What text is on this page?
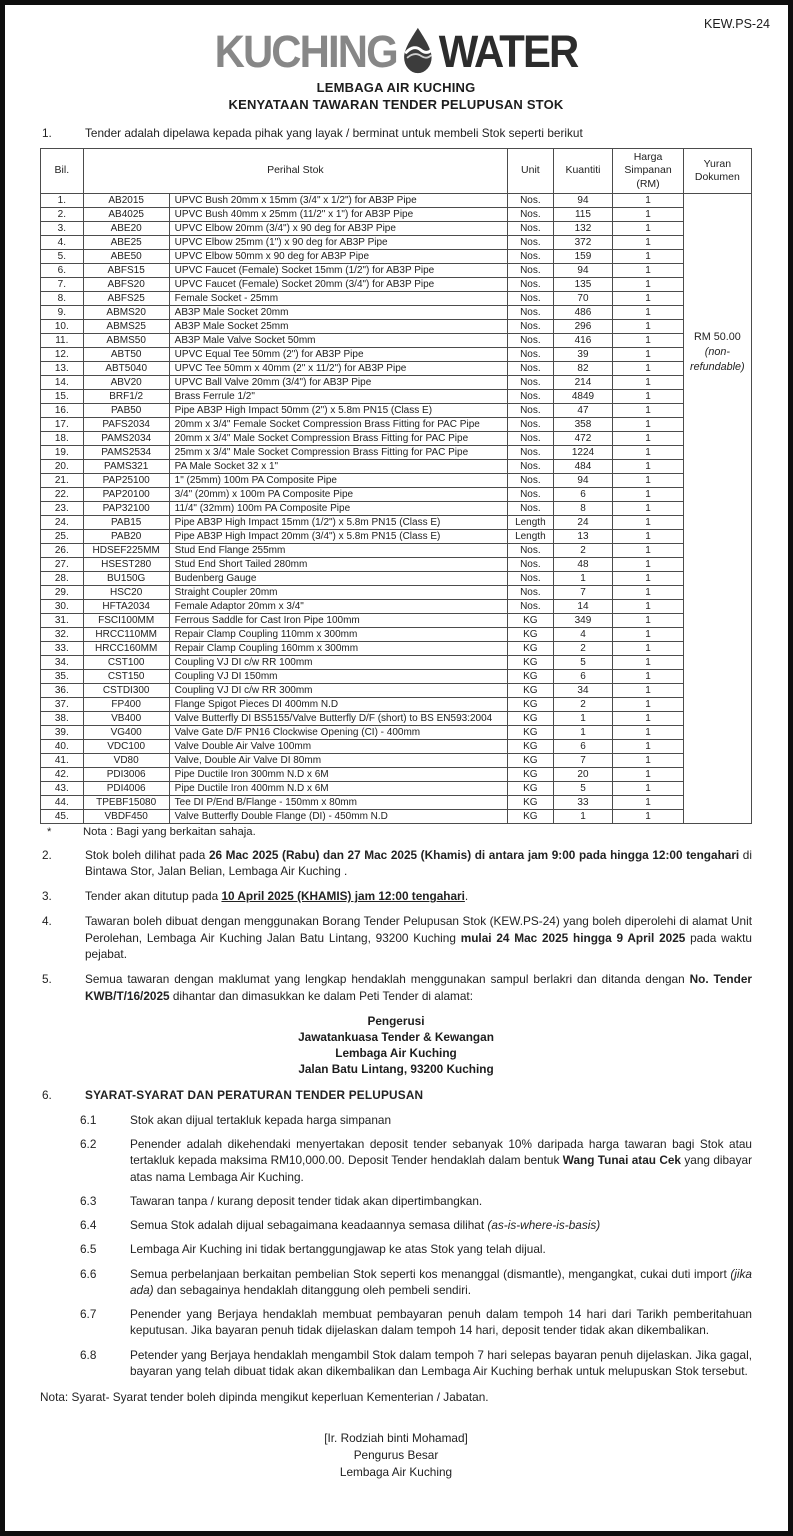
KEW.PS-24
KUCHING WATER
LEMBAGA AIR KUCHING
KENYATAAN TAWARAN TENDER PELUPUSAN STOK
1.	Tender adalah dipelawa kepada pihak yang layak / berminat untuk membeli Stok seperti berikut
Bil.	Perihal Stok		Unit	Kuantiti	Harga Simpanan (RM)	Yuran Dokumen
1.	AB2015	UPVC Bush 20mm x 15mm (3/4" x 1/2") for AB3P Pipe	Nos.	94	1	RM 50.00
(non-refundable)

2.	AB4025	UPVC Bush 40mm x 25mm (11/2" x 1") for AB3P Pipe	Nos.	115	1	
3.	ABE20	UPVC Elbow 20mm (3/4") x 90 deg for AB3P Pipe	Nos.	132	1	
4.	ABE25	UPVC Elbow 25mm (1") x 90 deg for AB3P Pipe	Nos.	372	1	
5.	ABE50	UPVC Elbow 50mm x 90 deg for AB3P Pipe	Nos.	159	1	
6.	ABFS15	UPVC Faucet (Female) Socket 15mm (1/2") for AB3P Pipe	Nos.	94	1	
7.	ABFS20	UPVC Faucet (Female) Socket 20mm (3/4") for AB3P Pipe	Nos.	135	1	
8.	ABFS25	Female Socket - 25mm	Nos.	70	1	
9.	ABMS20	AB3P Male Socket 20mm	Nos.	486	1	
10.	ABMS25	AB3P Male Socket 25mm	Nos.	296	1	
11.	ABMS50	AB3P Male Valve Socket 50mm	Nos.	416	1	
12.	ABT50	UPVC Equal Tee 50mm (2") for AB3P Pipe	Nos.	39	1	
13.	ABT5040	UPVC Tee 50mm x 40mm (2" x 11/2") for AB3P Pipe	Nos.	82	1	
14.	ABV20	UPVC Ball Valve 20mm (3/4") for AB3P Pipe	Nos.	214	1	
15.	BRF1/2	Brass Ferrule 1/2"	Nos.	4849	1	
16.	PAB50	Pipe AB3P High Impact 50mm (2") x 5.8m PN15 (Class E)	Nos.	47	1	
17.	PAFS2034	20mm x 3/4" Female Socket Compression Brass Fitting for PAC Pipe	Nos.	358	1	
18.	PAMS2034	20mm x 3/4" Male Socket Compression Brass Fitting for PAC Pipe	Nos.	472	1	
19.	PAMS2534	25mm x 3/4" Male Socket Compression Brass Fitting for PAC Pipe	Nos.	1224	1	
20.	PAMS321	PA Male Socket 32 x 1"	Nos.	484	1	
21.	PAP25100	1" (25mm) 100m PA Composite Pipe	Nos.	94	1	
22.	PAP20100	3/4" (20mm) x 100m PA Composite Pipe	Nos.	6	1	
23.	PAP32100	11/4" (32mm) 100m PA Composite Pipe	Nos.	8	1	
24.	PAB15	Pipe AB3P High Impact 15mm (1/2") x 5.8m PN15 (Class E)	Length	24	1	
25.	PAB20	Pipe AB3P High Impact 20mm (3/4") x 5.8m PN15 (Class E)	Length	13	1	
26.	HDSEF225MM	Stud End Flange 255mm	Nos.	2	1	
27.	HSEST280	Stud End Short Tailed 280mm	Nos.	48	1	
28.	BU150G	Budenberg Gauge	Nos.	1	1	
29.	HSC20	Straight Coupler 20mm	Nos.	7	1	
30.	HFTA2034	Female Adaptor 20mm x 3/4"	Nos.	14	1	
31.	FSCI100MM	Ferrous Saddle for Cast Iron Pipe 100mm	KG	349	1	
32.	HRCC110MM	Repair Clamp Coupling 110mm x 300mm	KG	4	1	
33.	HRCC160MM	Repair Clamp Coupling 160mm x 300mm	KG	2	1	
34.	CST100	Coupling VJ DI c/w RR 100mm	KG	5	1	
35.	CST150	Coupling VJ DI 150mm	KG	6	1	
36.	CSTDI300	Coupling VJ DI c/w RR 300mm	KG	34	1	
37.	FP400	Flange Spigot Pieces DI 400mm N.D	KG	2	1	
38.	VB400	Valve Butterfly DI BS5155/Valve Butterfly D/F (short) to BS EN593:2004	KG	1	1	
39.	VG400	Valve Gate D/F PN16 Clockwise Opening (CI) - 400mm	KG	1	1	
40.	VDC100	Valve Double Air Valve 100mm	KG	6	1	
41.	VD80	Valve, Double Air Valve DI 80mm	KG	7	1	
42.	PDI3006	Pipe Ductile Iron 300mm N.D x 6M	KG	20	1	
43.	PDI4006	Pipe Ductile Iron 400mm N.D x 6M	KG	5	1	
44.	TPEBF15080	Tee DI P/End B/Flange - 150mm x 80mm	KG	33	1	
45.	VBDF450	Valve Butterfly Double Flange (DI) - 450mm N.D	KG	1	1	
*	Nota : Bagi yang berkaitan sahaja.
2.	Stok boleh dilihat pada 26 Mac 2025 (Rabu) dan 27 Mac 2025 (Khamis) di antara jam 9:00 pada hingga 12:00 tengahari di Bintawa Stor, Jalan Belian, Lembaga Air Kuching .
3.	Tender akan ditutup pada 10 April 2025 (KHAMIS) jam 12:00 tengahari.
4.	Tawaran boleh dibuat dengan menggunakan Borang Tender Pelupusan Stok (KEW.PS-24) yang boleh diperolehi di alamat Unit Perolehan, Lembaga Air Kuching Jalan Batu Lintang, 93200 Kuching mulai 24 Mac 2025 hingga 9 April 2025 pada waktu pejabat.
5.	Semua tawaran dengan maklumat yang lengkap hendaklah menggunakan sampul berlakri dan ditanda dengan No. Tender KWB/T/16/2025 dihantar dan dimasukkan ke dalam Peti Tender di alamat:
Pengerusi
Jawatankuasa Tender & Kewangan
Lembaga Air Kuching
Jalan Batu Lintang, 93200 Kuching
6.	SYARAT-SYARAT DAN PERATURAN TENDER PELUPUSAN
6.1	Stok akan dijual tertakluk kepada harga simpanan
6.2	Penender adalah dikehendaki menyertakan deposit tender sebanyak 10% daripada harga tawaran bagi Stok atau tertakluk kepada maksima RM10,000.00. Deposit Tender hendaklah dalam bentuk Wang Tunai atau Cek yang dibayar atas nama Lembaga Air Kuching.
6.3	Tawaran tanpa / kurang deposit tender tidak akan dipertimbangkan.
6.4	Semua Stok adalah dijual sebagaimana keadaannya semasa dilihat (as-is-where-is-basis)
6.5	Lembaga Air Kuching ini tidak bertanggungjawap ke atas Stok yang telah dijual.
6.6	Semua perbelanjaan berkaitan pembelian Stok seperti kos menanggal (dismantle), mengangkat, cukai duti import (jika ada) dan sebagainya hendaklah ditanggung oleh pembeli sendiri.
6.7	Penender yang Berjaya hendaklah membuat pembayaran penuh dalam tempoh 14 hari dari Tarikh pemberitahuan keputusan. Jika bayaran penuh tidak dijelaskan dalam tempoh 14 hari, deposit tender tidak akan dikembalikan.
6.8	Petender yang Berjaya hendaklah mengambil Stok dalam tempoh 7 hari selepas bayaran penuh dijelaskan. Jika gagal, bayaran yang telah dibuat tidak akan dikembalikan dan Lembaga Air Kuching berhak untuk melupuskan Stok tersebut.
Nota: Syarat- Syarat tender boleh dipinda mengikut keperluan Kementerian / Jabatan.
[Ir. Rodziah binti Mohamad]
Pengurus Besar
Lembaga Air Kuching
